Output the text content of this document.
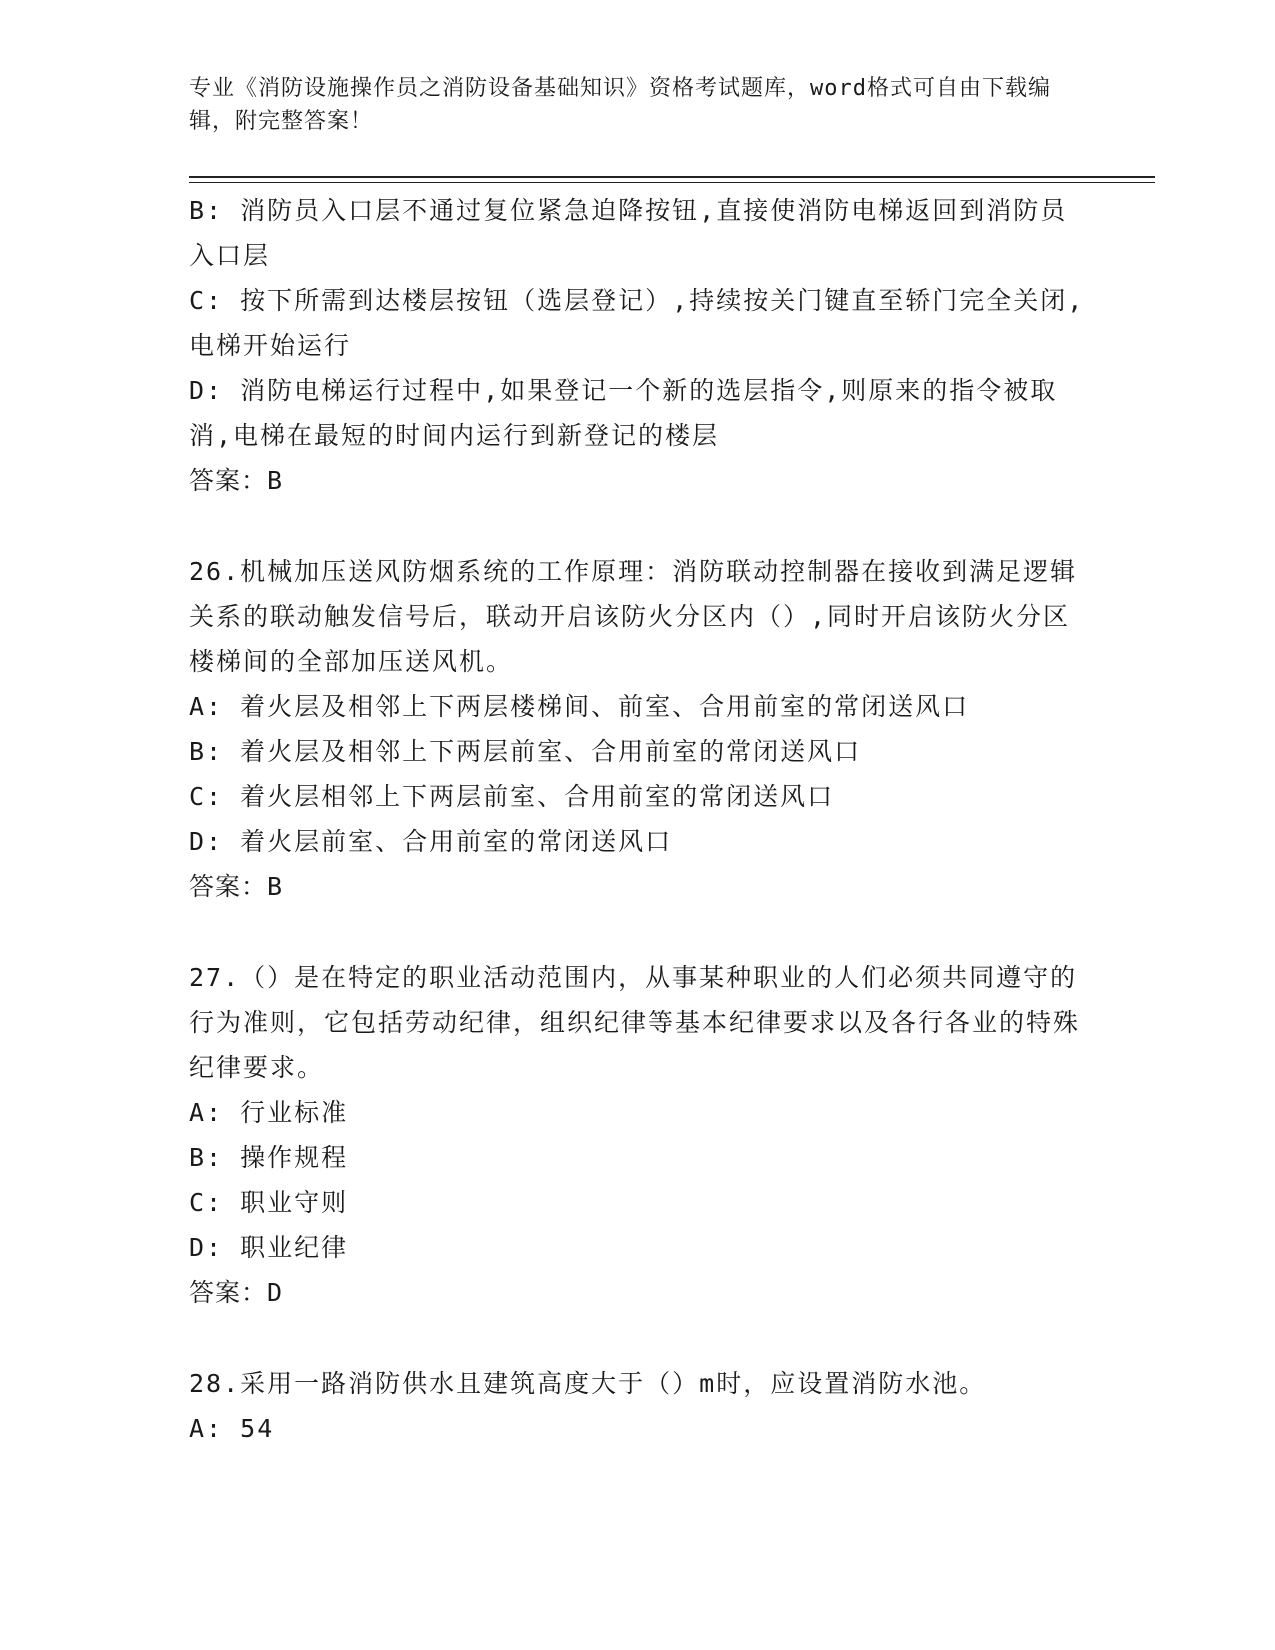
专业《消防设施操作员之消防设备基础知识》资格考试题库，word格式可自由下载编辑，附完整答案！

B: 消防员入口层不通过复位紧急迫降按钮,直接使消防电梯返回到消防员入口层

C: 按下所需到达楼层按钮（选层登记）,持续按关门键直至轿门完全关闭,电梯开始运行

D: 消防电梯运行过程中,如果登记一个新的选层指令,则原来的指令被取消,电梯在最短的时间内运行到新登记的楼层

答案：B

26.机械加压送风防烟系统的工作原理：消防联动控制器在接收到满足逻辑关系的联动触发信号后，联动开启该防火分区内（）,同时开启该防火分区楼梯间的全部加压送风机。

A: 着火层及相邻上下两层楼梯间、前室、合用前室的常闭送风口

B: 着火层及相邻上下两层前室、合用前室的常闭送风口

C: 着火层相邻上下两层前室、合用前室的常闭送风口

D: 着火层前室、合用前室的常闭送风口

答案：B

27.（）是在特定的职业活动范围内，从事某种职业的人们必须共同遵守的行为准则，它包括劳动纪律，组织纪律等基本纪律要求以及各行各业的特殊纪律要求。

A: 行业标准

B: 操作规程

C: 职业守则

D: 职业纪律

答案：D

28.采用一路消防供水且建筑高度大于（）m时，应设置消防水池。

A: 54
